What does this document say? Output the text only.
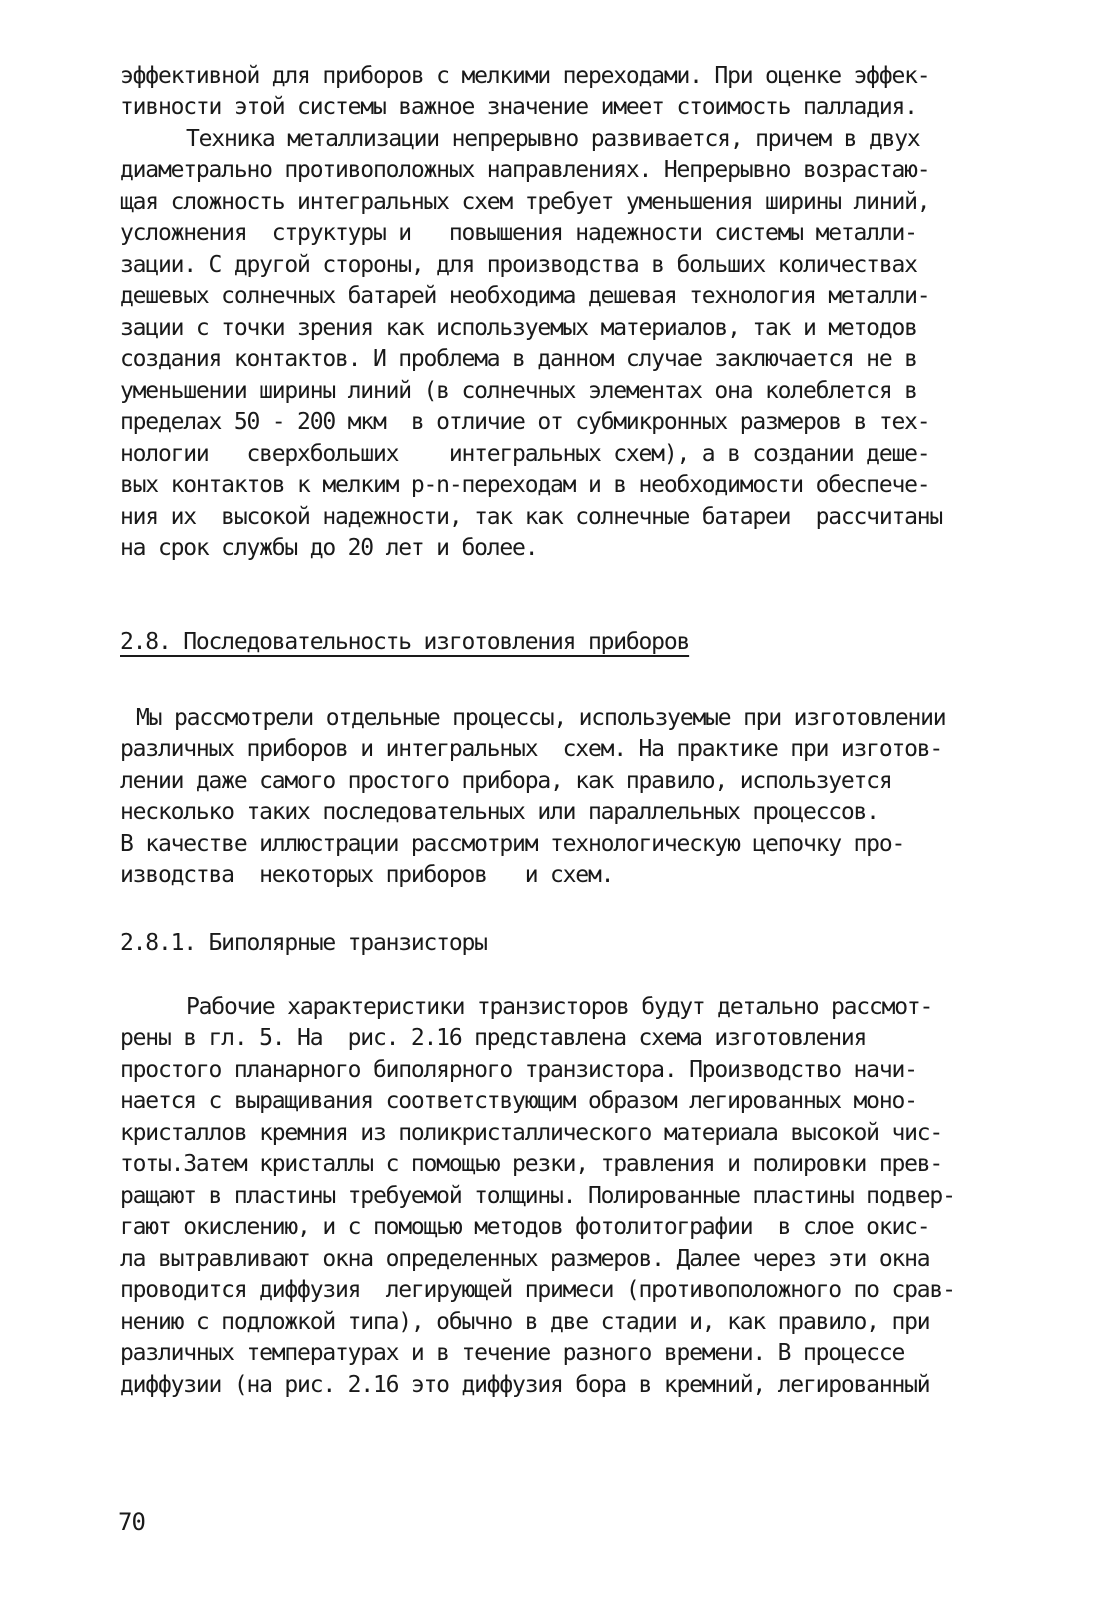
эффективной для приборов с мелкими переходами. При оценке эффек-
тивности этой системы важное значение имеет стоимость палладия.
Техника металлизации непрерывно развивается, причем в двух
диаметрально противоположных направлениях. Непрерывно возрастаю-
щая сложность интегральных схем требует уменьшения ширины линий,
усложнения  структуры и   повышения надежности системы металли-
зации. С другой стороны, для производства в больших количествах
дешевых солнечных батарей необходима дешевая технология металли-
зации с точки зрения как используемых материалов, так и методов
создания контактов. И проблема в данном случае заключается не в
уменьшении ширины линий (в солнечных элементах она колеблется в
пределах 50 - 200 мкм  в отличие от субмикронных размеров в тех-
нологии   сверхбольших    интегральных схем), а в создании деше-
вых контактов к мелким p-n-переходам и в необходимости обеспече-
ния их  высокой надежности, так как солнечные батареи  рассчитаны
на срок службы до 20 лет и более.
2.8. Последовательность изготовления приборов
Мы рассмотрели отдельные процессы, используемые при изготовлении
различных приборов и интегральных  схем. На практике при изготов-
лении даже самого простого прибора, как правило, используется
несколько таких последовательных или параллельных процессов.
В качестве иллюстрации рассмотрим технологическую цепочку про-
изводства  некоторых приборов   и схем.
2.8.1. Биполярные транзисторы
Рабочие характеристики транзисторов будут детально рассмот-
рены в гл. 5. На  рис. 2.16 представлена схема изготовления
простого планарного биполярного транзистора. Производство начи-
нается с выращивания соответствующим образом легированных моно-
кристаллов кремния из поликристаллического материала высокой чис-
тоты.Затем кристаллы с помощью резки, травления и полировки прев-
ращают в пластины требуемой толщины. Полированные пластины подвер-
гают окислению, и с помощью методов фотолитографии  в слое окис-
ла вытравливают окна определенных размеров. Далее через эти окна
проводится диффузия  легирующей примеси (противоположного по срав-
нению с подложкой типа), обычно в две стадии и, как правило, при
различных температурах и в течение разного времени. В процессе
диффузии (на рис. 2.16 это диффузия бора в кремний, легированный
70
